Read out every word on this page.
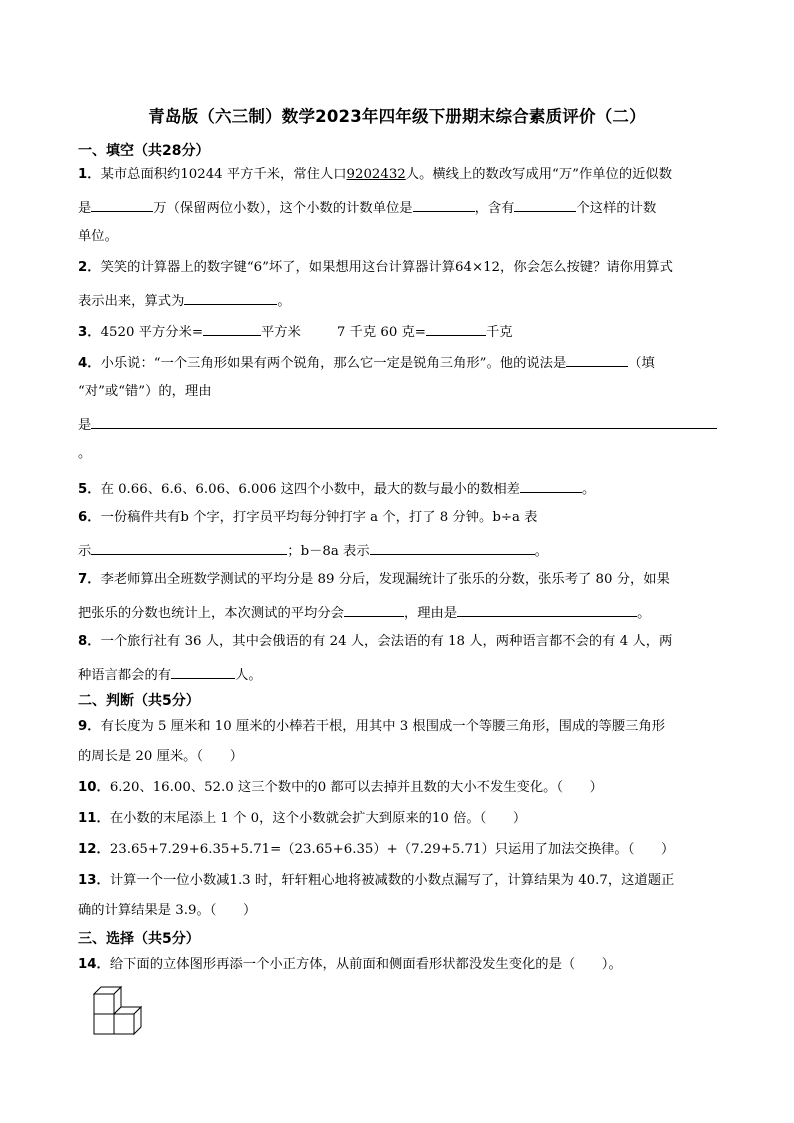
青岛版（六三制）数学2023年四年级下册期末综合素质评价（二）
一、填空（共28分）
1．某市总面积约10244 平方千米，常住人口9202432人。横线上的数改写成用“万”作单位的近似数
是	万（保留两位小数），这个小数的计数单位是	，含有	个这样的计数
单位。
2．笑笑的计算器上的数字键“6”坏了，如果想用这台计算器计算64×12，你会怎么按键？请你用算式
表示出来，算式为	。
3．4520 平方分米=	平方米	7 千克 60 克=	千克
4．小乐说：“一个三角形如果有两个锐角，那么它一定是锐角三角形”。他的说法是	（填
“对”或“错”）的，理由
是
。
5．在 0.66、6.6、6.06、6.006 这四个小数中，最大的数与最小的数相差	。
6．一份稿件共有b 个字，打字员平均每分钟打字 a 个，打了 8 分钟。b÷a 表
示	；b－8a 表示	。
7．李老师算出全班数学测试的平均分是 89 分后，发现漏统计了张乐的分数，张乐考了 80 分，如果
把张乐的分数也统计上，本次测试的平均分会	，理由是	。
8．一个旅行社有 36 人，其中会俄语的有 24 人，会法语的有 18 人，两种语言都不会的有 4 人，两
种语言都会的有	人。
二、判断（共5分）
9．有长度为 5 厘米和 10 厘米的小棒若干根，用其中 3 根围成一个等腰三角形，围成的等腰三角形
的周长是 20 厘米。（　　）
10．6.20、16.00、52.0 这三个数中的0 都可以去掉并且数的大小不发生变化。（　　）
11．在小数的末尾添上 1 个 0，这个小数就会扩大到原来的10 倍。（　　）
12．23.65+7.29+6.35+5.71=（23.65+6.35）+（7.29+5.71）只运用了加法交换律。（　　）
13．计算一个一位小数减1.3 时，轩轩粗心地将被减数的小数点漏写了，计算结果为 40.7，这道题正
确的计算结果是 3.9。（　　）
三、选择（共5分）
14．给下面的立体图形再添一个小正方体，从前面和侧面看形状都没发生变化的是（　　）。
